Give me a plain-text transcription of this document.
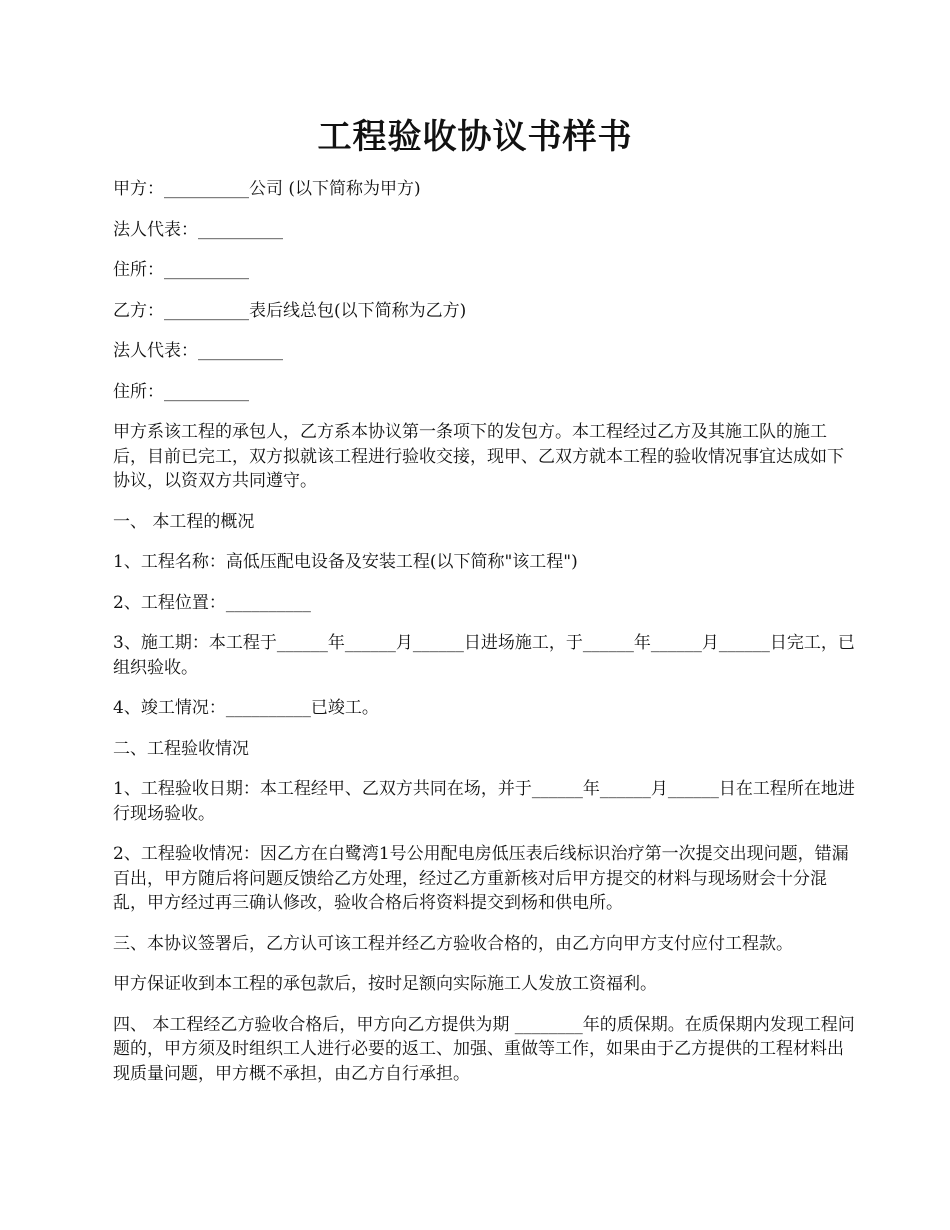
工程验收协议书样书

甲方：__________公司 (以下简称为甲方)

法人代表：__________

住所：__________

乙方：__________表后线总包(以下简称为乙方)

法人代表：__________

住所：__________

甲方系该工程的承包人，乙方系本协议第一条项下的发包方。本工程经过乙方及其施工队的施工后，目前已完工，双方拟就该工程进行验收交接，现甲、乙双方就本工程的验收情况事宜达成如下协议，以资双方共同遵守。

一、 本工程的概况

1、工程名称：高低压配电设备及安装工程(以下简称"该工程")

2、工程位置：__________

3、施工期：本工程于______年______月______日进场施工，于______年______月______日完工，已组织验收。

4、竣工情况：__________已竣工。

二、工程验收情况

1、工程验收日期：本工程经甲、乙双方共同在场，并于______年______月______日在工程所在地进行现场验收。

2、工程验收情况：因乙方在白鹭湾1号公用配电房低压表后线标识治疗第一次提交出现问题，错漏百出，甲方随后将问题反馈给乙方处理，经过乙方重新核对后甲方提交的材料与现场财会十分混乱，甲方经过再三确认修改，验收合格后将资料提交到杨和供电所。

三、本协议签署后，乙方认可该工程并经乙方验收合格的，由乙方向甲方支付应付工程款。

甲方保证收到本工程的承包款后，按时足额向实际施工人发放工资福利。

四、 本工程经乙方验收合格后，甲方向乙方提供为期 ________年的质保期。在质保期内发现工程问题的，甲方须及时组织工人进行必要的返工、加强、重做等工作，如果由于乙方提供的工程材料出现质量问题，甲方概不承担，由乙方自行承担。
